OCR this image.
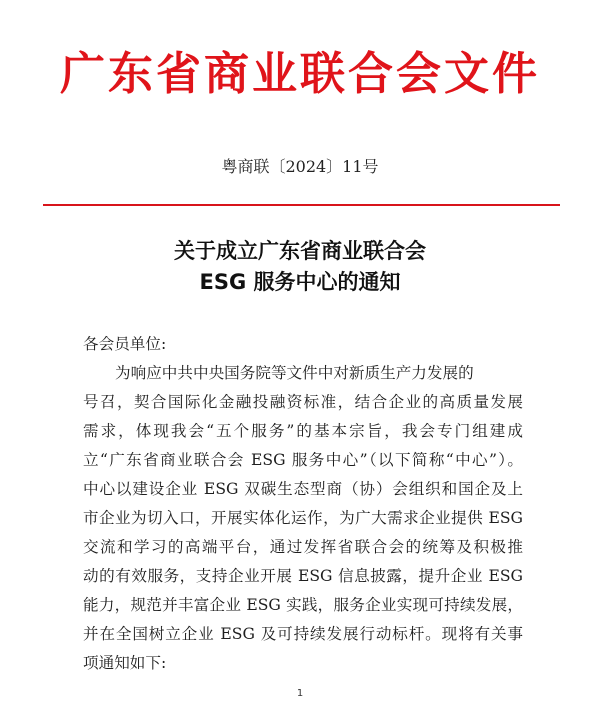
广东省商业联合会文件
粤商联〔2024〕11号
关于成立广东省商业联合会
ESG 服务中心的通知

各会员单位:

为响应中共中央国务院等文件中对新质生产力发展的
号召，契合国际化金融投融资标准，结合企业的高质量发展
需求，体现我会“五个服务”的基本宗旨，我会专门组建成
立“广东省商业联合会 ESG 服务中心”（以下简称“中心”）。
中心以建设企业 ESG 双碳生态型商（协）会组织和国企及上
市企业为切入口，开展实体化运作，为广大需求企业提供 ESG
交流和学习的高端平台，通过发挥省联合会的统筹及积极推
动的有效服务，支持企业开展 ESG 信息披露，提升企业 ESG
能力，规范并丰富企业 ESG 实践，服务企业实现可持续发展，
并在全国树立企业 ESG 及可持续发展行动标杆。现将有关事
项通知如下:
1
